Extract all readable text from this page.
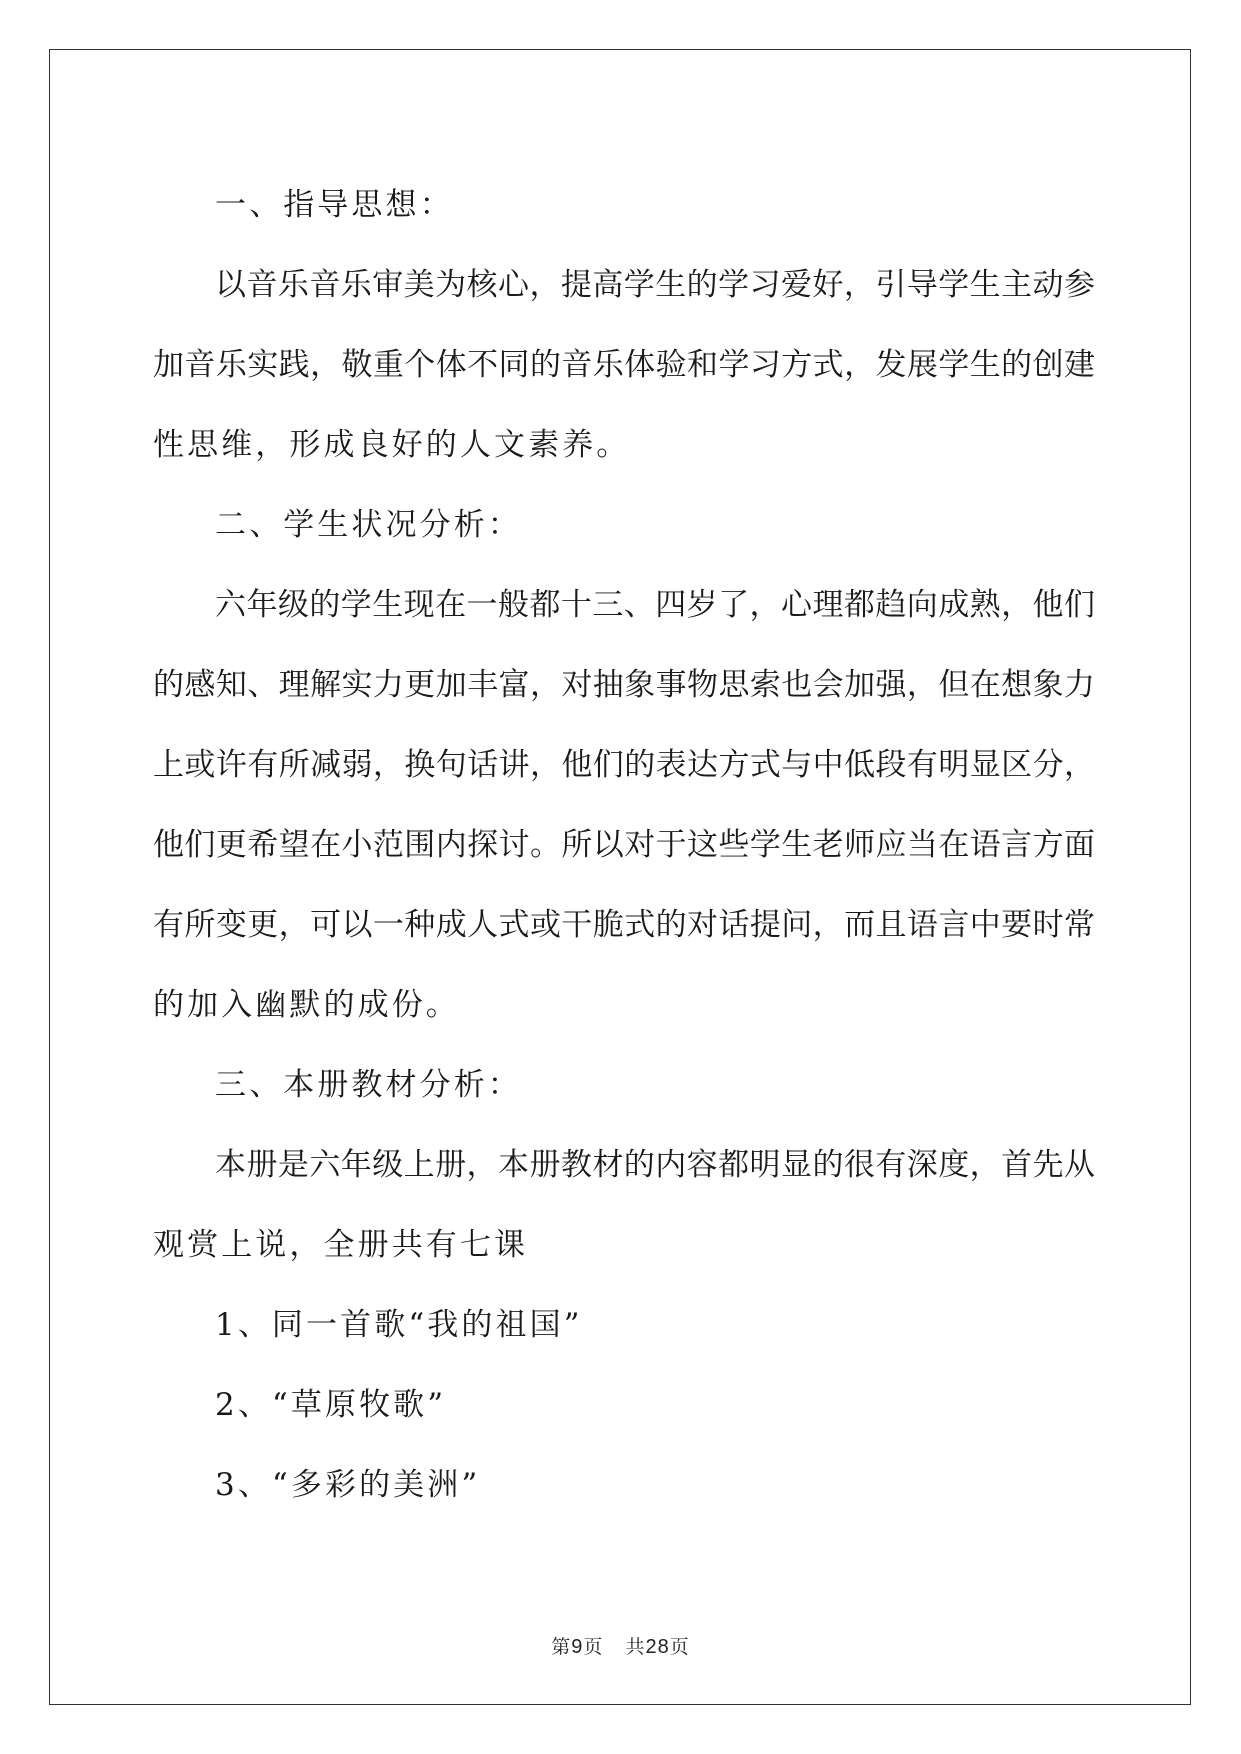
一、指导思想：
以音乐音乐审美为核心，提高学生的学习爱好，引导学生主动参
加音乐实践，敬重个体不同的音乐体验和学习方式，发展学生的创建
性思维，形成良好的人文素养。
二、学生状况分析：
六年级的学生现在一般都十三、四岁了，心理都趋向成熟，他们
的感知、理解实力更加丰富，对抽象事物思索也会加强，但在想象力
上或许有所减弱，换句话讲，他们的表达方式与中低段有明显区分，
他们更希望在小范围内探讨。所以对于这些学生老师应当在语言方面
有所变更，可以一种成人式或干脆式的对话提问，而且语言中要时常
的加入幽默的成份。
三、本册教材分析：
本册是六年级上册，本册教材的内容都明显的很有深度，首先从
观赏上说，全册共有七课
1、同一首歌“我的祖国”
2、“草原牧歌”
3、“多彩的美洲”
第9页 共28页
